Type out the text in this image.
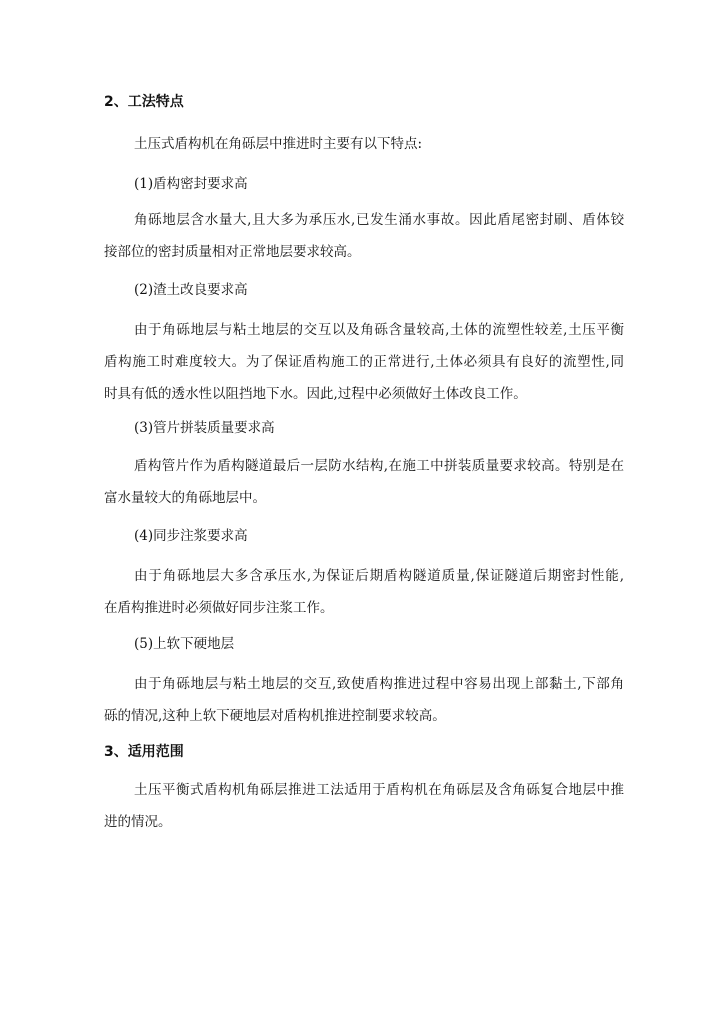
2、工法特点
土压式盾构机在角砾层中推进时主要有以下特点:
(1)盾构密封要求高
角砾地层含水量大,且大多为承压水,已发生涌水事故。因此盾尾密封刷、盾体铰
接部位的密封质量相对正常地层要求较高。
(2)渣土改良要求高
由于角砾地层与粘土地层的交互以及角砾含量较高,土体的流塑性较差,土压平衡
盾构施工时难度较大。为了保证盾构施工的正常进行,土体必须具有良好的流塑性,同
时具有低的透水性以阻挡地下水。因此,过程中必须做好土体改良工作。
(3)管片拼装质量要求高
盾构管片作为盾构隧道最后一层防水结构,在施工中拼装质量要求较高。特别是在
富水量较大的角砾地层中。
(4)同步注浆要求高
由于角砾地层大多含承压水,为保证后期盾构隧道质量,保证隧道后期密封性能,
在盾构推进时必须做好同步注浆工作。
(5)上软下硬地层
由于角砾地层与粘土地层的交互,致使盾构推进过程中容易出现上部黏土,下部角
砾的情况,这种上软下硬地层对盾构机推进控制要求较高。
3、适用范围
土压平衡式盾构机角砾层推进工法适用于盾构机在角砾层及含角砾复合地层中推
进的情况。
